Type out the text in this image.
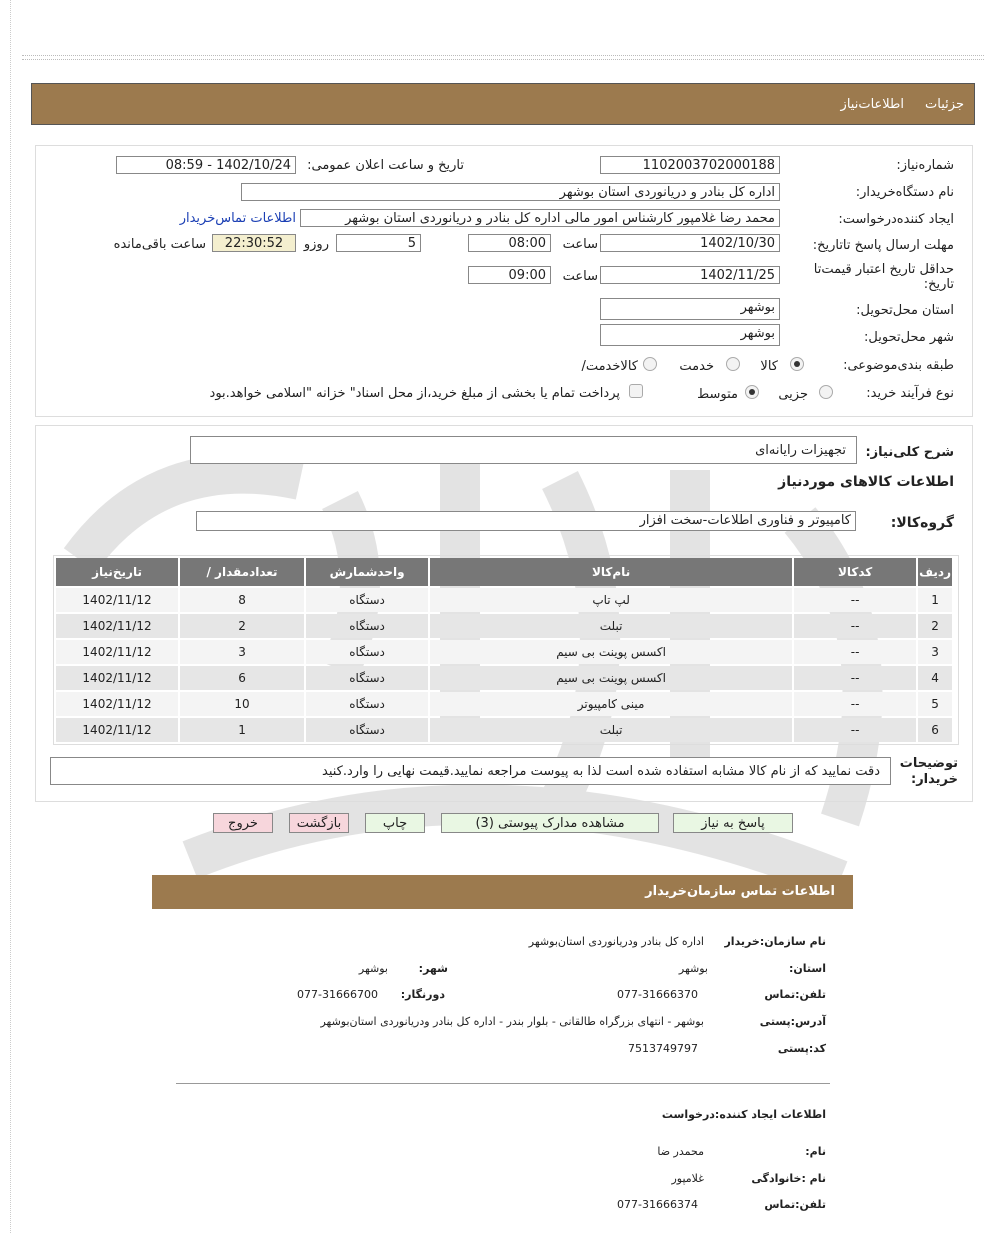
جزئیات
اطلاعات‌نیاز
شماره‌نیاز:
1102003702000188
تاریخ و ساعت اعلان عمومی:
1402/10/24 - 08:59
نام دستگاه‌خریدار:
اداره کل بنادر و دریانوردی استان بوشهر
ایجاد کننده‌درخواست:
محمد رضا غلامپور کارشناس امور مالی اداره کل بنادر و دریانوردی استان بوشهر
اطلاعات تماس‌خریدار
مهلت ارسال پاسخ تا‌تاریخ:
1402/10/30
ساعت
08:00
5
روزو
22:30:52
ساعت باقی‌مانده
حداقل تاریخ اعتبار قیمت‌تا تاریخ:
1402/11/25
ساعت
09:00
استان محل‌تحویل:
بوشهر
شهر محل‌تحویل:
بوشهر
طبقه بندی‌موضوعی:
کالا
خدمت
کالا‌خدمت/
نوع فرآیند خرید:
جزیی
متوسط
پرداخت تمام یا بخشی از مبلغ خرید،از محل اسناد" خزانه "اسلامی خواهد.بود
شرح کلی‌نیاز:
تجهیزات رایانه‌ای
اطلاعات کالاهای موردنیاز
گروه‌کالا:
کامپیوتر و فناوری اطلاعات-سخت افزار
ردیف	کدکالا	نام‌کالا	واحدشمارش	تعداد‌مقدار /	تاریخ‌نیاز
1	--	لپ تاپ	دستگاه	8	1402/11/12
2	--	تبلت	دستگاه	2	1402/11/12
3	--	اکسس پوینت بی سیم	دستگاه	3	1402/11/12
4	--	اکسس پوینت بی سیم	دستگاه	6	1402/11/12
5	--	مینی کامپیوتر	دستگاه	10	1402/11/12
6	--	تبلت	دستگاه	1	1402/11/12
توضیحات خریدار:
دقت نمایید که از نام کالا مشابه استفاده شده است لذا به پیوست مراجعه نمایید.قیمت نهایی را وارد.کنید
پاسخ به نیاز
مشاهده مدارک پیوستی (3)
چاپ
بازگشت
خروج
اطلاعات تماس سازمان‌خریدار
نام سازمان:خریدار
اداره کل بنادر ودریانوردی استان‌بوشهر
استان:
بوشهر
شهر:
بوشهر
تلفن:تماس
077-31666370
دورنگار:
077-31666700
آدرس:پستی
بوشهر - انتهای بزرگراه طالقانی - بلوار بندر - اداره کل بنادر ودریانوردی استان‌بوشهر
کد:پستی
7513749797
اطلاعات ایجاد کننده:درخواست
نام:
محمدر ضا
نام :خانوادگی
غلامپور
تلفن:تماس
077-31666374
